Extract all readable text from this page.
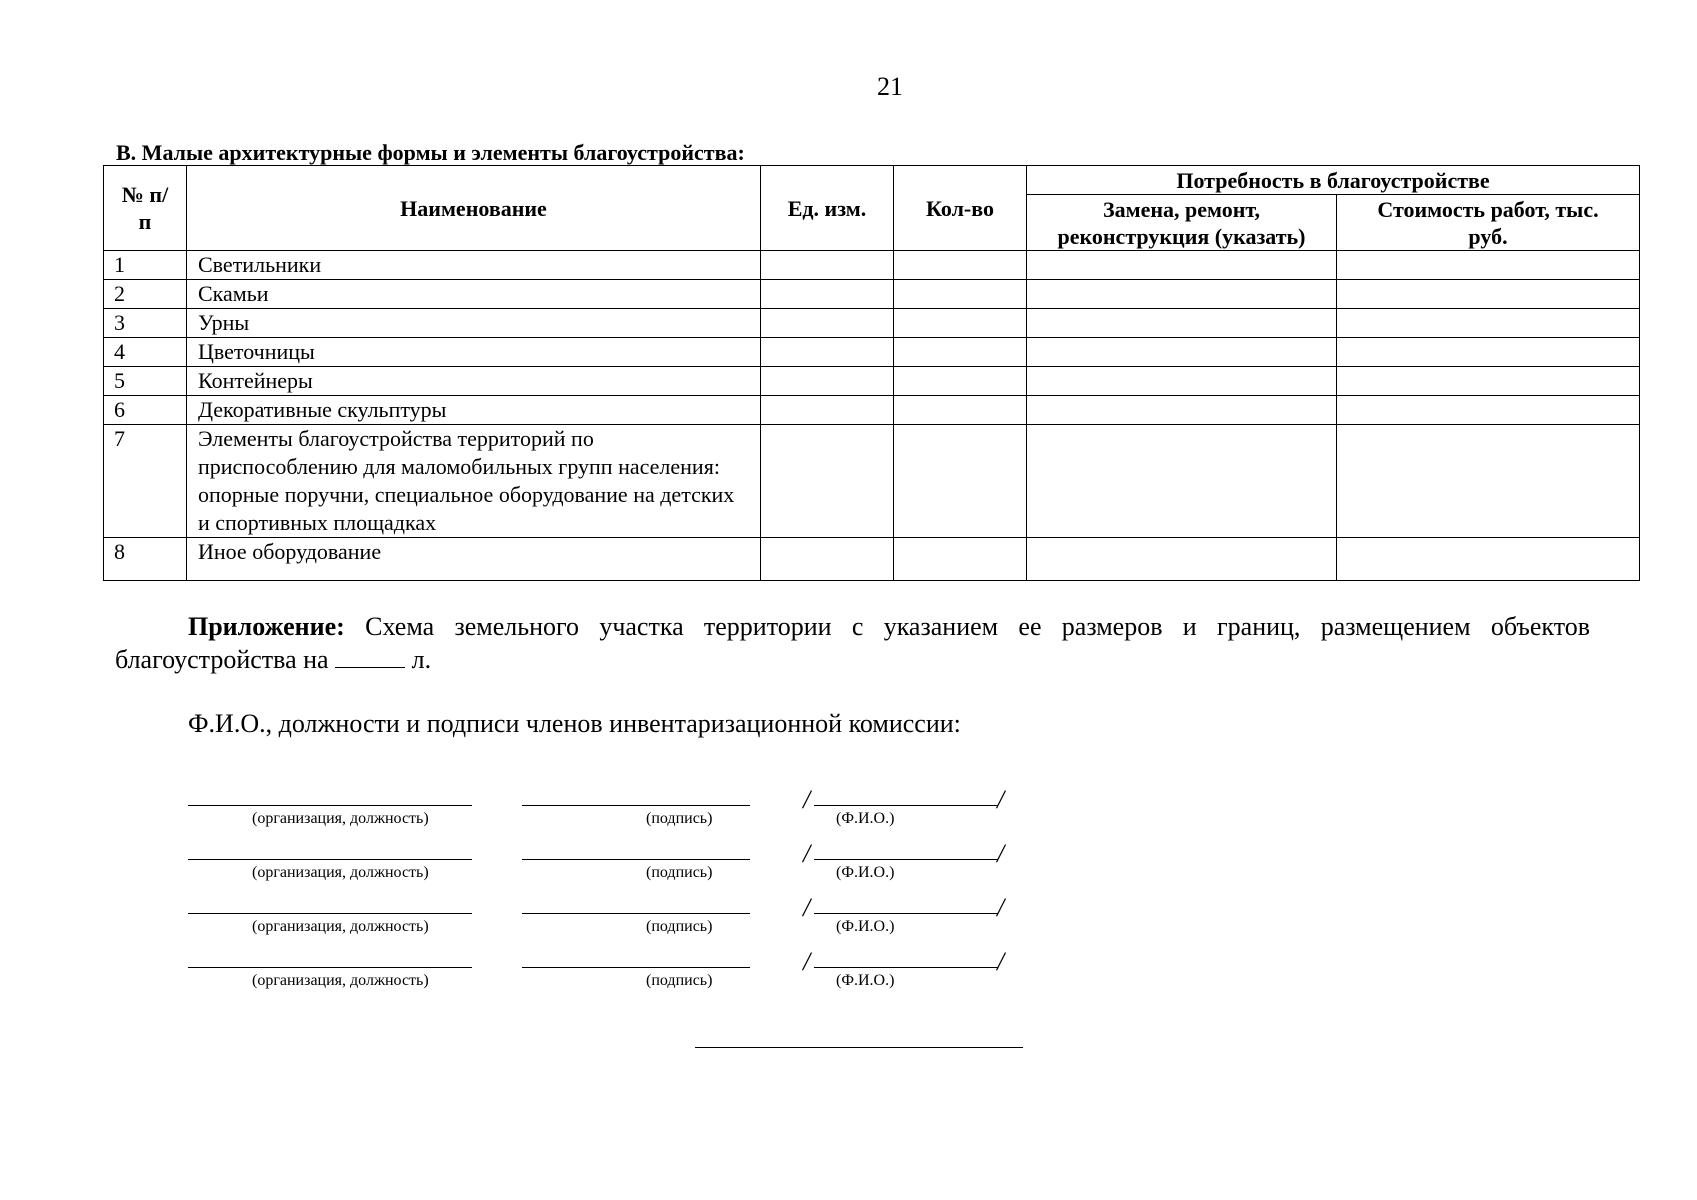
21
В. Малые архитектурные формы и элементы благоустройства:
№ п/п	Наименование	Ед. изм.	Кол-во	Потребность в благоустройстве	
				Замена, ремонт, реконструкция (указать)	Стоимость работ, тыс. руб.
1	Светильники				
2	Скамьи				
3	Урны				
4	Цветочницы				
5	Контейнеры				
6	Декоративные скульптуры				
7	Элементы благоустройства территорий по приспособлению для маломобильных групп населения: опорные поручни, специальное оборудование на детских и спортивных площадках				
8	Иное оборудование				
Приложение: Схема земельного участка территории с указанием ее размеров и границ, размещением объектов благоустройства на	л.
Ф.И.О., должности и подписи членов инвентаризационной комиссии:
/	/
(организация, должность)	(подпись)	(Ф.И.О.)
/	/
(организация, должность)	(подпись)	(Ф.И.О.)
/	/
(организация, должность)	(подпись)	(Ф.И.О.)
/	/
(организация, должность)	(подпись)	(Ф.И.О.)
